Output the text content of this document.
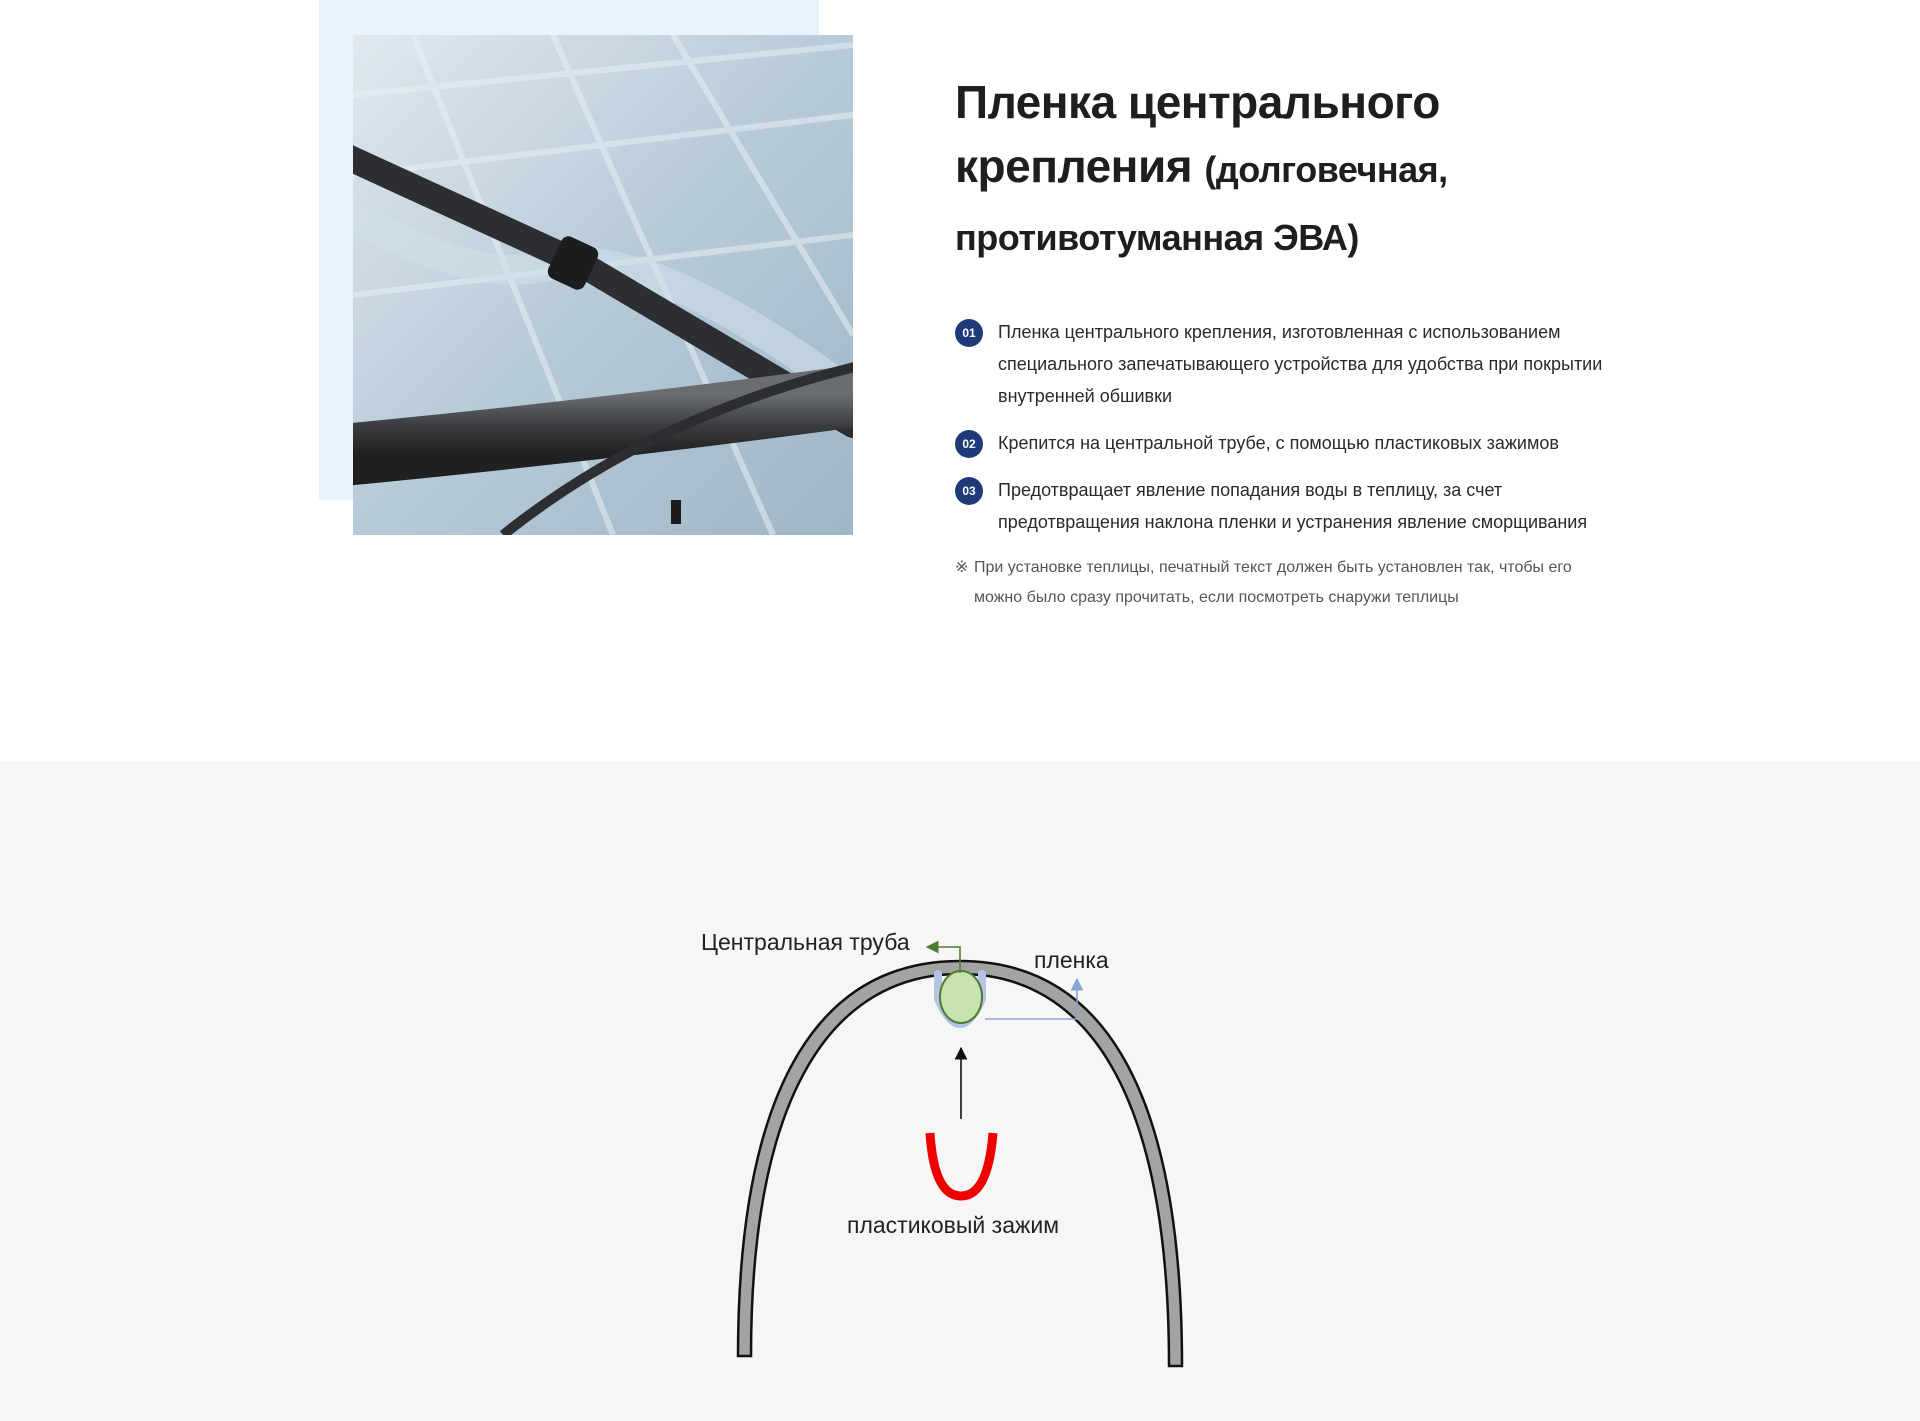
Пленка центрального крепления (долговечная, противотуманная ЭВА)
01	Пленка центрального крепления, изготовленная с использованием специального запечатывающего устройства для удобства при покрытии внутренней обшивки
02	Крепится на центральной трубе, с помощью пластиковых зажимов
03	Предотвращает явление попадания воды в теплицу, за счет предотвращения наклона пленки и устранения явление сморщивания

※ При установке теплицы, печатный текст должен быть установлен так, чтобы его можно было сразу прочитать, если посмотреть снаружи теплицы

Центральная труба
пленка
пластиковый зажим
